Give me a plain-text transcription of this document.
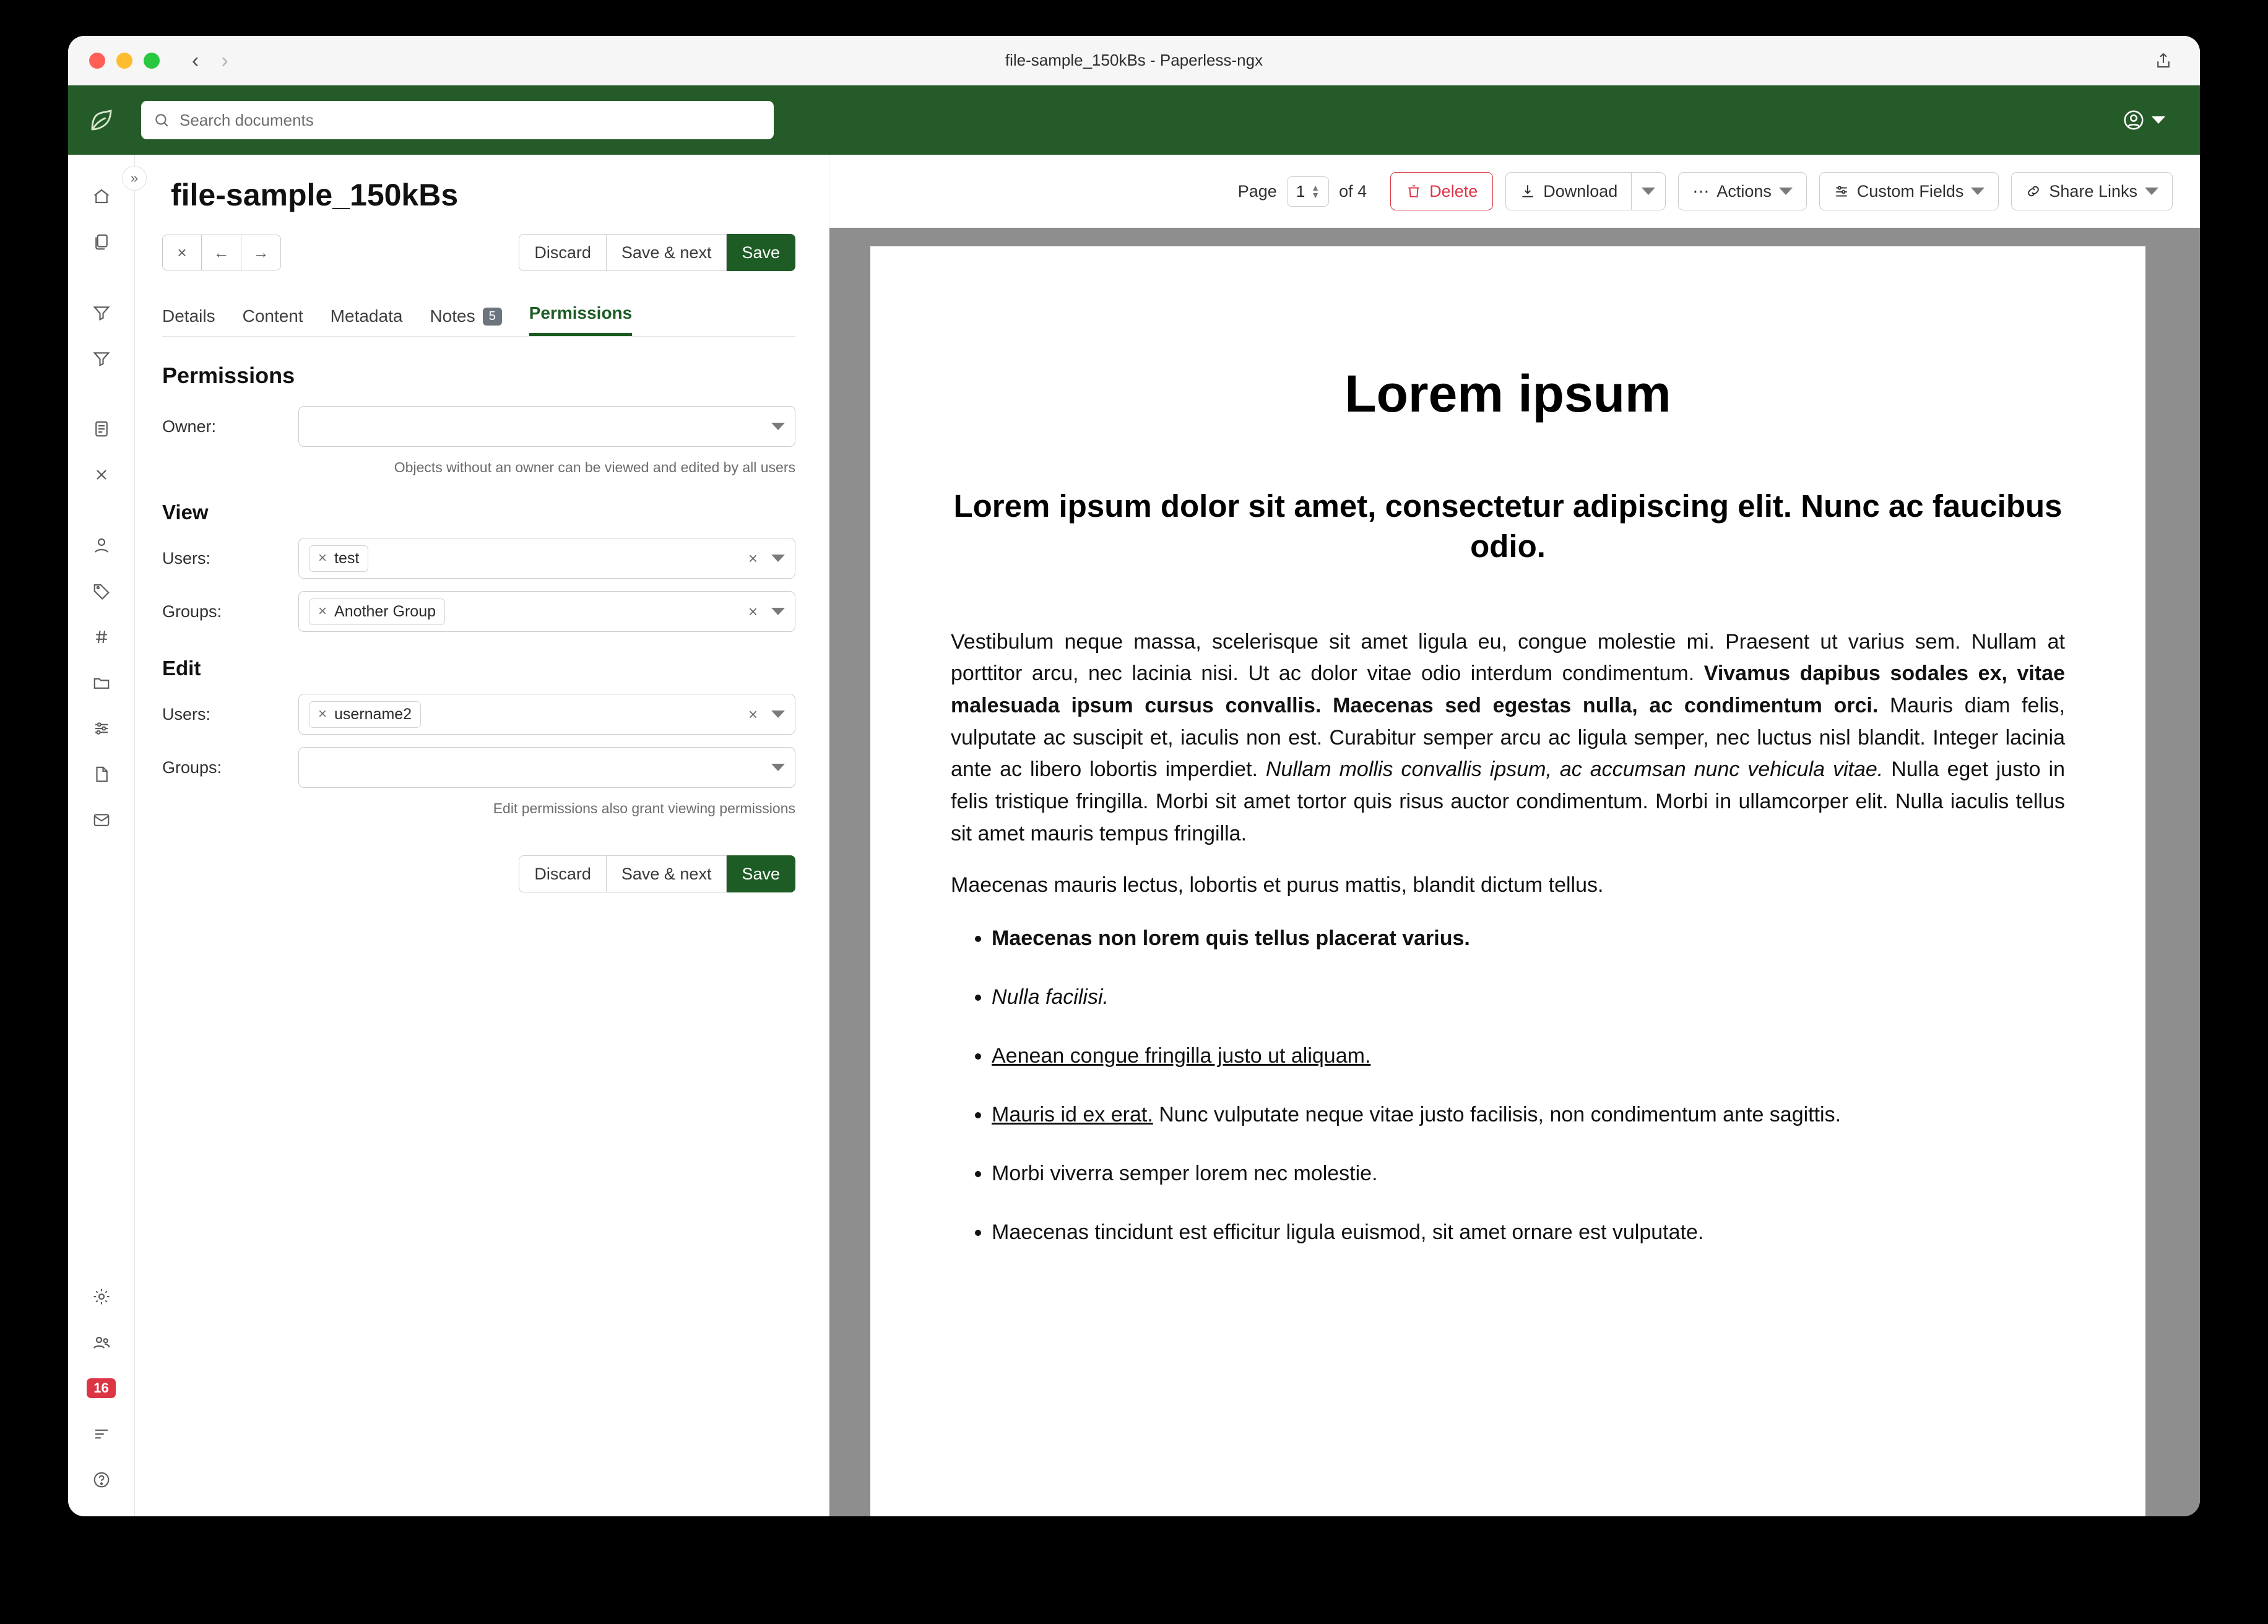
‹ ›	file-sample_150kBs - Paperless-ngx
Search documents
»
16
file-sample_150kBs
×	←	→	Discard	Save & next	Save
Details Content Metadata Notes	5	Permissions
Permissions
Owner:
Objects without an owner can be viewed and edited by all users
View
Users:	× test	×
Groups:	× Another Group	×
Edit
Users:	× username2	×
Groups:
Edit permissions also grant viewing permissions
Discard	Save & next	Save
Page 1 ▲
▼ of 4	Delete	Download	⋯ Actions	Custom Fields	Share Links
Lorem ipsum
Lorem ipsum dolor sit amet, consectetur adipiscing elit. Nunc ac faucibus odio.

Vestibulum neque massa, scelerisque sit amet ligula eu, congue molestie mi. Praesent ut varius sem. Nullam at porttitor arcu, nec lacinia nisi. Ut ac dolor vitae odio interdum condimentum. Vivamus dapibus sodales ex, vitae malesuada ipsum cursus convallis. Maecenas sed egestas nulla, ac condimentum orci. Mauris diam felis, vulputate ac suscipit et, iaculis non est. Curabitur semper arcu ac ligula semper, nec luctus nisl blandit. Integer lacinia ante ac libero lobortis imperdiet. Nullam mollis convallis ipsum, ac accumsan nunc vehicula vitae. Nulla eget justo in felis tristique fringilla. Morbi sit amet tortor quis risus auctor condimentum. Morbi in ullamcorper elit. Nulla iaculis tellus sit amet mauris tempus fringilla.

Maecenas mauris lectus, lobortis et purus mattis, blandit dictum tellus.

• Maecenas non lorem quis tellus placerat varius.
• Nulla facilisi.
• Aenean congue fringilla justo ut aliquam.
• Mauris id ex erat. Nunc vulputate neque vitae justo facilisis, non condimentum ante sagittis.
• Morbi viverra semper lorem nec molestie.
• Maecenas tincidunt est efficitur ligula euismod, sit amet ornare est vulputate.
